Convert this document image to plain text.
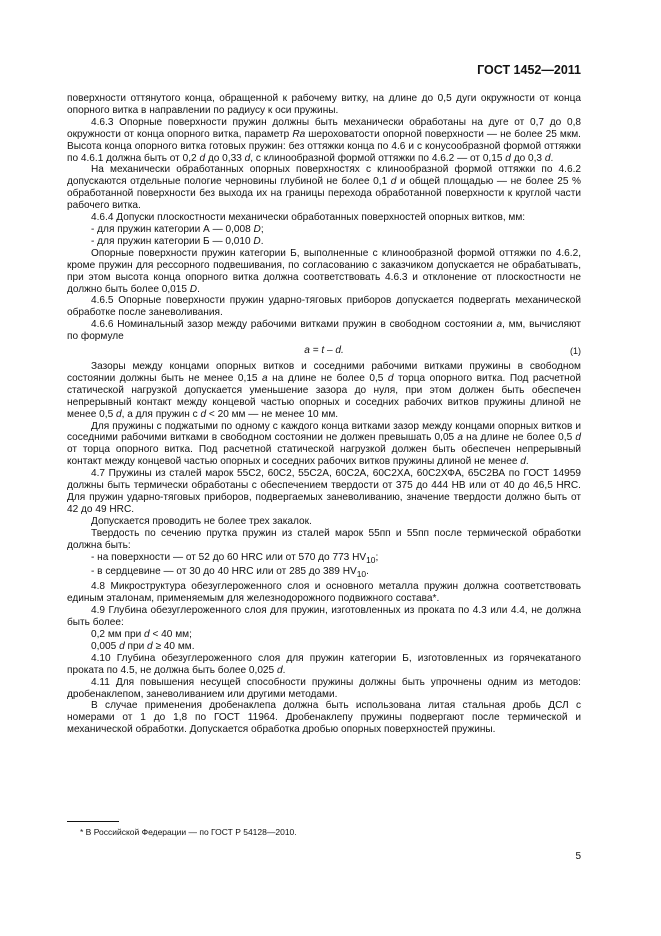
ГОСТ 1452—2011

поверхности оттянутого конца, обращенной к рабочему витку, на длине до 0,5 дуги окружности от конца опорного витка в направлении по радиусу к оси пружины.

4.6.3 Опорные поверхности пружин должны быть механически обработаны на дуге от 0,7 до 0,8 окружности от конца опорного витка, параметр Ra шероховатости опорной поверхности — не более 25 мкм. Высота конца опорного витка готовых пружин: без оттяжки конца по 4.6 и с конусообразной формой оттяжки по 4.6.1 должна быть от 0,2 d до 0,33 d, с клинообразной формой оттяжки по 4.6.2 — от 0,15 d до 0,3 d.

На механически обработанных опорных поверхностях с клинообразной формой оттяжки по 4.6.2 допускаются отдельные пологие черновины глубиной не более 0,1 d и общей площадью — не более 25 % обработанной поверхности без выхода их на границы перехода обработанной поверхности к круглой части рабочего витка.

4.6.4 Допуски плоскостности механически обработанных поверхностей опорных витков, мм:

- для пружин категории А — 0,008 D;

- для пружин категории Б — 0,010 D.

Опорные поверхности пружин категории Б, выполненные с клинообразной формой оттяжки по 4.6.2, кроме пружин для рессорного подвешивания, по согласованию с заказчиком допускается не обрабатывать, при этом высота конца опорного витка должна соответствовать 4.6.3 и отклонение от плоскостности не должно быть более 0,015 D.

4.6.5 Опорные поверхности пружин ударно-тяговых приборов допускается подвергать механической обработке после заневоливания.

4.6.6 Номинальный зазор между рабочими витками пружин в свободном состоянии а, мм, вычисляют по формуле

a = t – d.	(1)

Зазоры между концами опорных витков и соседними рабочими витками пружины в свободном состоянии должны быть не менее 0,15 а на длине не более 0,5 d торца опорного витка. Под расчетной статической нагрузкой допускается уменьшение зазора до нуля, при этом должен быть обеспечен непрерывный контакт между концевой частью опорных и соседних рабочих витков пружины длиной не менее 0,5 d, а для пружин с d < 20 мм — не менее 10 мм.

Для пружины с поджатыми по одному с каждого конца витками зазор между концами опорных витков и соседними рабочими витками в свободном состоянии не должен превышать 0,05 а на длине не более 0,5 d от торца опорного витка. Под расчетной статической нагрузкой должен быть обеспечен непрерывный контакт между концевой частью опорных и соседних рабочих витков пружины длиной не менее d.

4.7 Пружины из сталей марок 55С2, 60С2, 55С2А, 60С2А, 60С2ХА, 60С2ХФА, 65С2ВА по ГОСТ 14959 должны быть термически обработаны с обеспечением твердости от 375 до 444 НВ или от 40 до 46,5 HRC. Для пружин ударно-тяговых приборов, подвергаемых заневоливанию, значение твердости должно быть от 42 до 49 HRC.

Допускается проводить не более трех закалок.

Твердость по сечению прутка пружин из сталей марок 55пп и 55пп после термической обработки должна быть:

- на поверхности — от 52 до 60 HRC или от 570 до 773 $HV_{10}$;

- в сердцевине — от 30 до 40 HRC или от 285 до 389 $HV_{10}$.

4.8 Микроструктура обезуглероженного слоя и основного металла пружин должна соответствовать единым эталонам, применяемым для железнодорожного подвижного состава*.

4.9 Глубина обезуглероженного слоя для пружин, изготовленных из проката по 4.3 или 4.4, не должна быть более:

0,2 мм при d < 40 мм;

0,005 d при d ≥ 40 мм.

4.10 Глубина обезуглероженного слоя для пружин категории Б, изготовленных из горячекатаного проката по 4.5, не должна быть более 0,025 d.

4.11 Для повышения несущей способности пружины должны быть упрочнены одним из методов: дробенаклепом, заневоливанием или другими методами.

В случае применения дробенаклепа должна быть использована литая стальная дробь ДСЛ с номерами от 1 до 1,8 по ГОСТ 11964. Дробенаклепу пружины подвергают после термической и механической обработки. Допускается обработка дробью опорных поверхностей пружины.

* В Российской Федерации — по ГОСТ Р 54128—2010.
5
